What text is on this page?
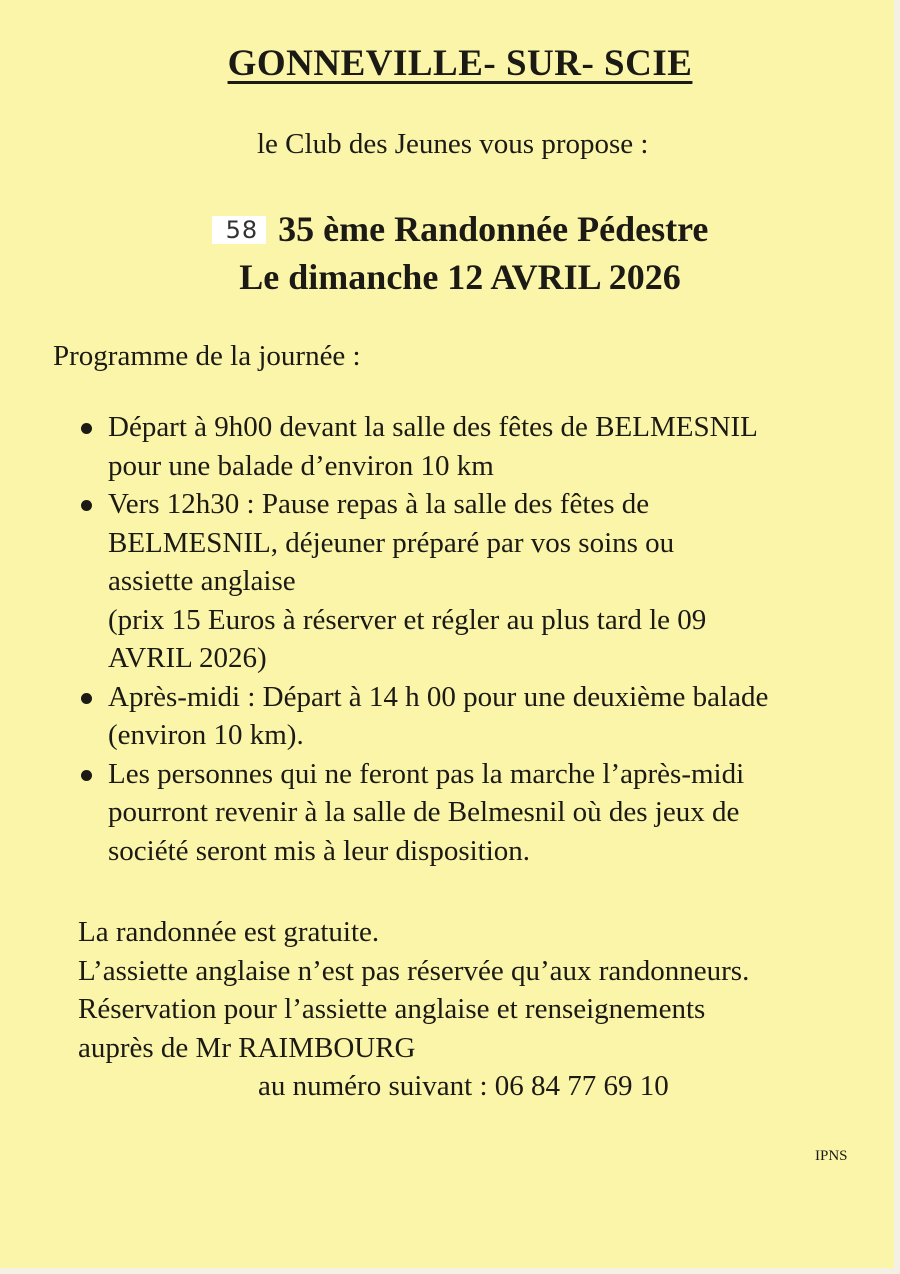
GONNEVILLE- SUR- SCIE
le Club des Jeunes vous propose :
58 35 ème Randonnée Pédestre
Le dimanche 12 AVRIL 2026
Programme de la journée :
Départ à 9h00 devant la salle des fêtes de BELMESNIL
pour une balade d’environ 10 km
Vers 12h30 : Pause repas à la salle des fêtes de
BELMESNIL, déjeuner préparé par vos soins ou
assiette anglaise
(prix 15 Euros à réserver et régler au plus tard le 09
AVRIL 2026)
Après-midi : Départ à 14 h 00 pour une deuxième balade
(environ 10 km).
Les personnes qui ne feront pas la marche l’après-midi
pourront revenir à la salle de Belmesnil où des jeux de
société seront mis à leur disposition.
La randonnée est gratuite.
L’assiette anglaise n’est pas réservée qu’aux randonneurs.
Réservation pour l’assiette anglaise et renseignements
auprès de Mr RAIMBOURG
au numéro suivant : 06 84 77 69 10
IPNS
